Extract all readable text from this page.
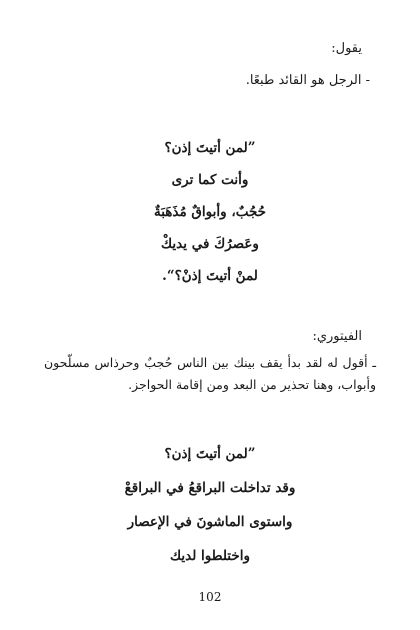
يقول:
- الرجل هو القائد طبعًا.
”لمن أتيتَ إذن؟
وأنت كما ترى
حُجُبٌ، وأبواقٌ مُذَهَبَةٌ
وعَصرُكَ في يديكْ
لمنْ أتيتَ إذنْ؟“.
الفيتوري:
ـ أقول له لقد بدأ يقف بينك بين الناس حُجبٌ وحرذاس مسلّحون وأبواب، وهنا تحذير من البعد ومن إقامة الحواجز.
”لمن أتيتَ إذن؟
وقد تداخلت البراقعُ في البراقعْ
واستوى الماشونَ في الإعصار
واختلطوا لديك
102
